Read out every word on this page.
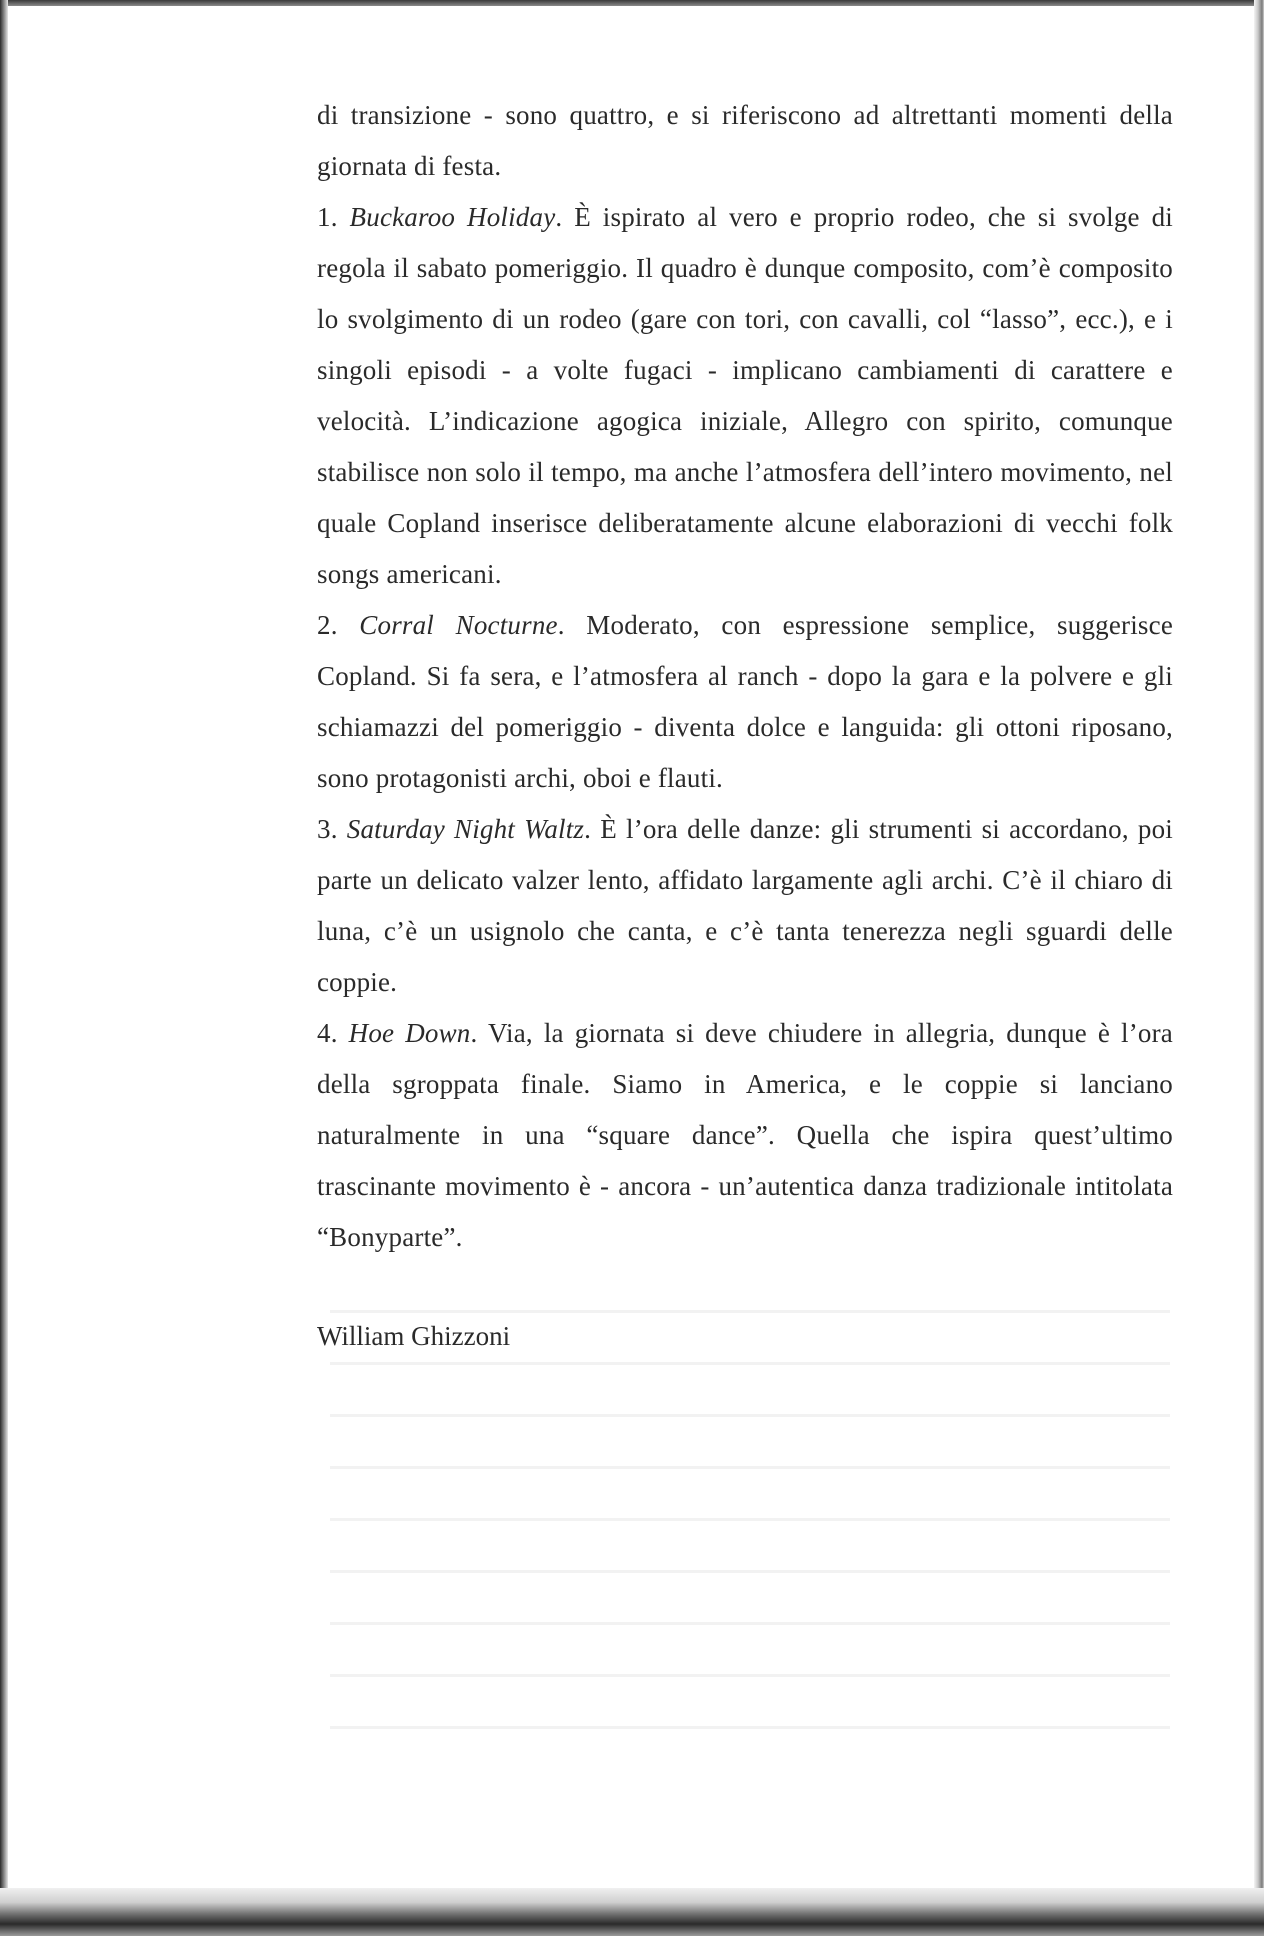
di transizione - sono quattro, e si riferiscono ad altrettanti momenti della giornata di festa.

1. Buckaroo Holiday. È ispirato al vero e proprio rodeo, che si svolge di regola il sabato pomeriggio. Il quadro è dunque composito, com’è composito lo svolgimento di un rodeo (gare con tori, con cavalli, col “lasso”, ecc.), e i singoli episodi - a volte fugaci - implicano cambiamenti di carattere e velocità. L’indicazione agogica iniziale, Allegro con spirito, comunque stabilisce non solo il tempo, ma anche l’atmosfera dell’intero movimento, nel quale Copland inserisce deliberatamente alcune elaborazioni di vecchi folk songs americani.

2. Corral Nocturne. Moderato, con espressione semplice, suggerisce Copland. Si fa sera, e l’atmosfera al ranch - dopo la gara e la polvere e gli schiamazzi del pomeriggio - diventa dolce e languida: gli ottoni riposano, sono protagonisti archi, oboi e flauti.

3. Saturday Night Waltz. È l’ora delle danze: gli strumenti si accordano, poi parte un delicato valzer lento, affidato largamente agli archi. C’è il chiaro di luna, c’è un usignolo che canta, e c’è tanta tenerezza negli sguardi delle coppie.

4. Hoe Down. Via, la giornata si deve chiudere in allegria, dunque è l’ora della sgroppata finale. Siamo in America, e le coppie si lanciano naturalmente in una “square dance”. Quella che ispira quest’ultimo trascinante movimento è - ancora - un’autentica danza tradizionale intitolata “Bonyparte”.

William Ghizzoni
